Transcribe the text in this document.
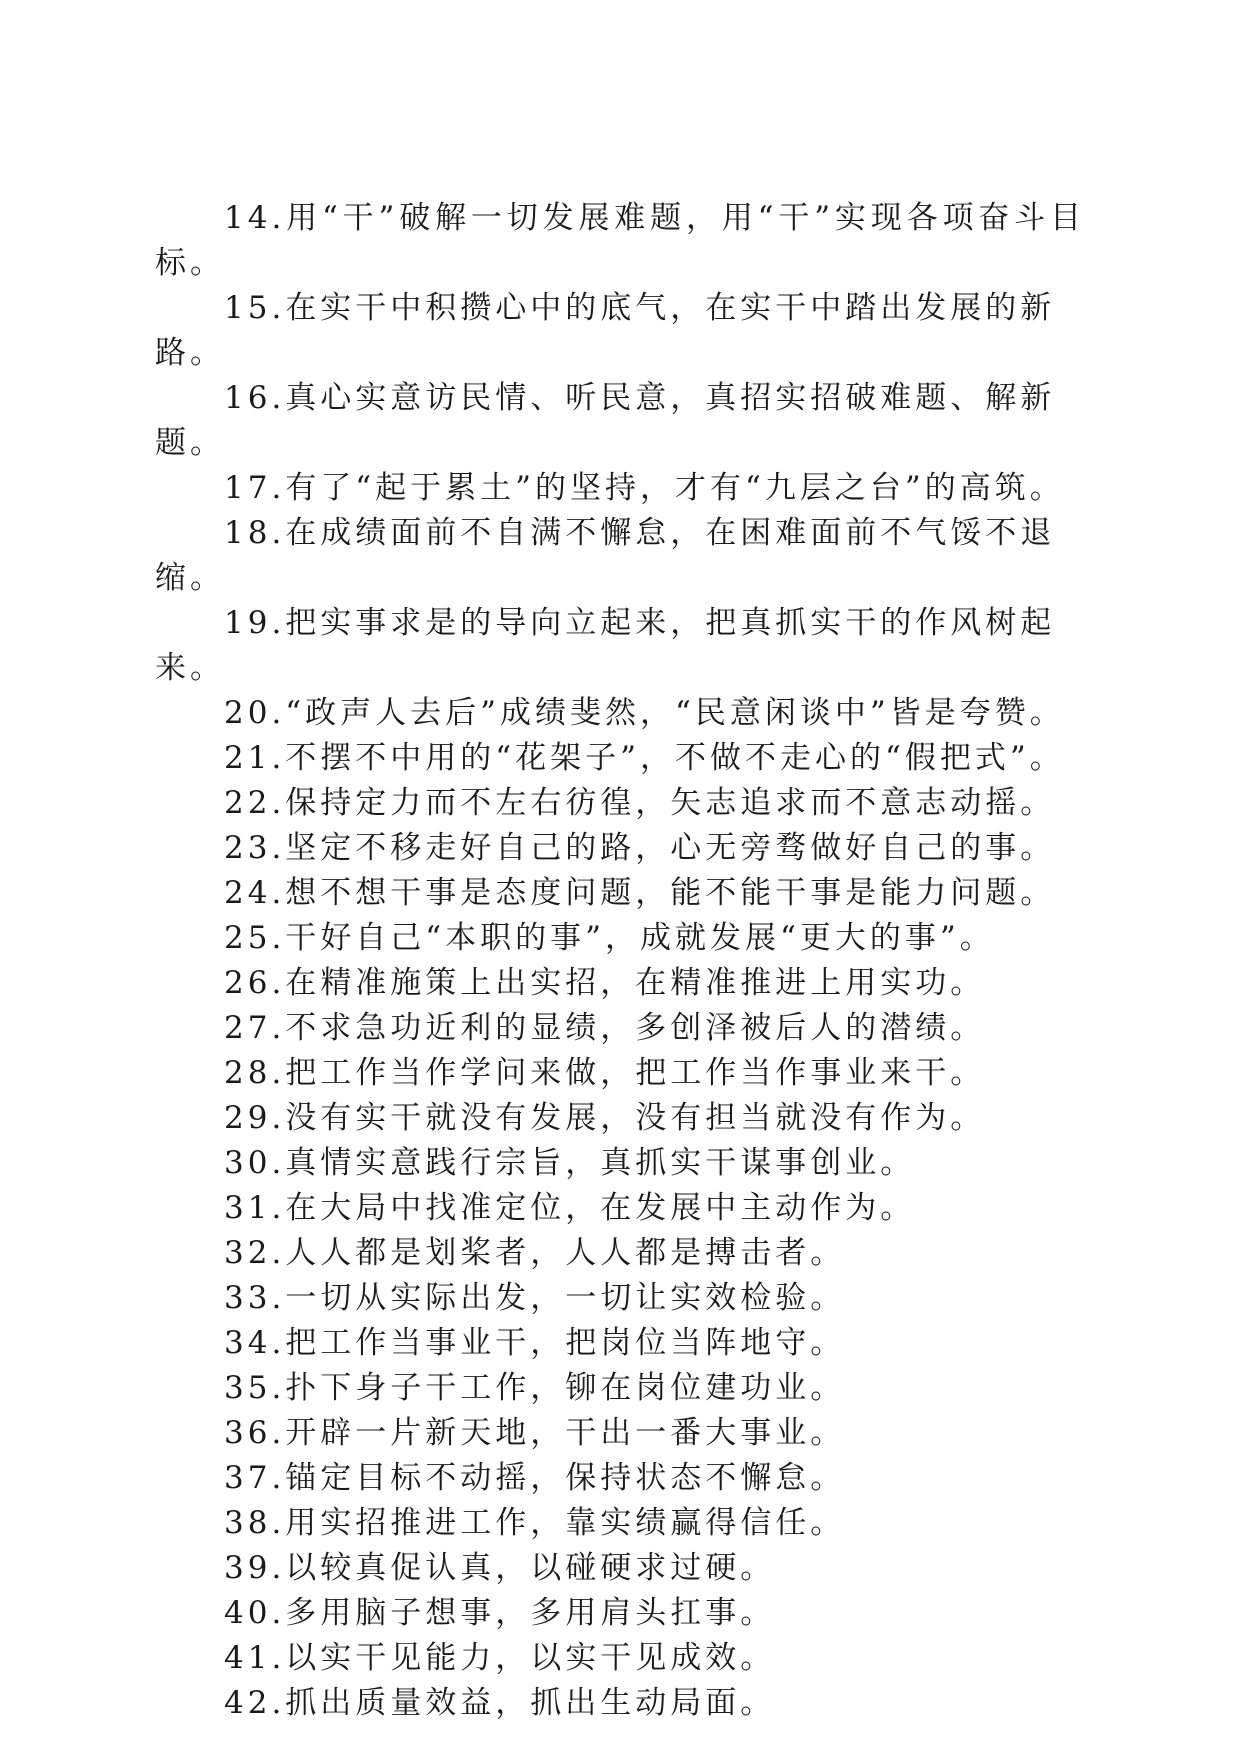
14.用“干”破解一切发展难题，用“干”实现各项奋斗目标。

15.在实干中积攒心中的底气，在实干中踏出发展的新路。

16.真心实意访民情、听民意，真招实招破难题、解新题。

17.有了“起于累土”的坚持，才有“九层之台”的高筑。

18.在成绩面前不自满不懈怠，在困难面前不气馁不退缩。

19.把实事求是的导向立起来，把真抓实干的作风树起来。

20.“政声人去后”成绩斐然，“民意闲谈中”皆是夸赞。

21.不摆不中用的“花架子”，不做不走心的“假把式”。

22.保持定力而不左右彷徨，矢志追求而不意志动摇。

23.坚定不移走好自己的路，心无旁骛做好自己的事。

24.想不想干事是态度问题，能不能干事是能力问题。

25.干好自己“本职的事”，成就发展“更大的事”。

26.在精准施策上出实招，在精准推进上用实功。

27.不求急功近利的显绩，多创泽被后人的潜绩。

28.把工作当作学问来做，把工作当作事业来干。

29.没有实干就没有发展，没有担当就没有作为。

30.真情实意践行宗旨，真抓实干谋事创业。

31.在大局中找准定位，在发展中主动作为。

32.人人都是划桨者，人人都是搏击者。

33.一切从实际出发，一切让实效检验。

34.把工作当事业干，把岗位当阵地守。

35.扑下身子干工作，铆在岗位建功业。

36.开辟一片新天地，干出一番大事业。

37.锚定目标不动摇，保持状态不懈怠。

38.用实招推进工作，靠实绩赢得信任。

39.以较真促认真，以碰硬求过硬。

40.多用脑子想事，多用肩头扛事。

41.以实干见能力，以实干见成效。

42.抓出质量效益，抓出生动局面。
